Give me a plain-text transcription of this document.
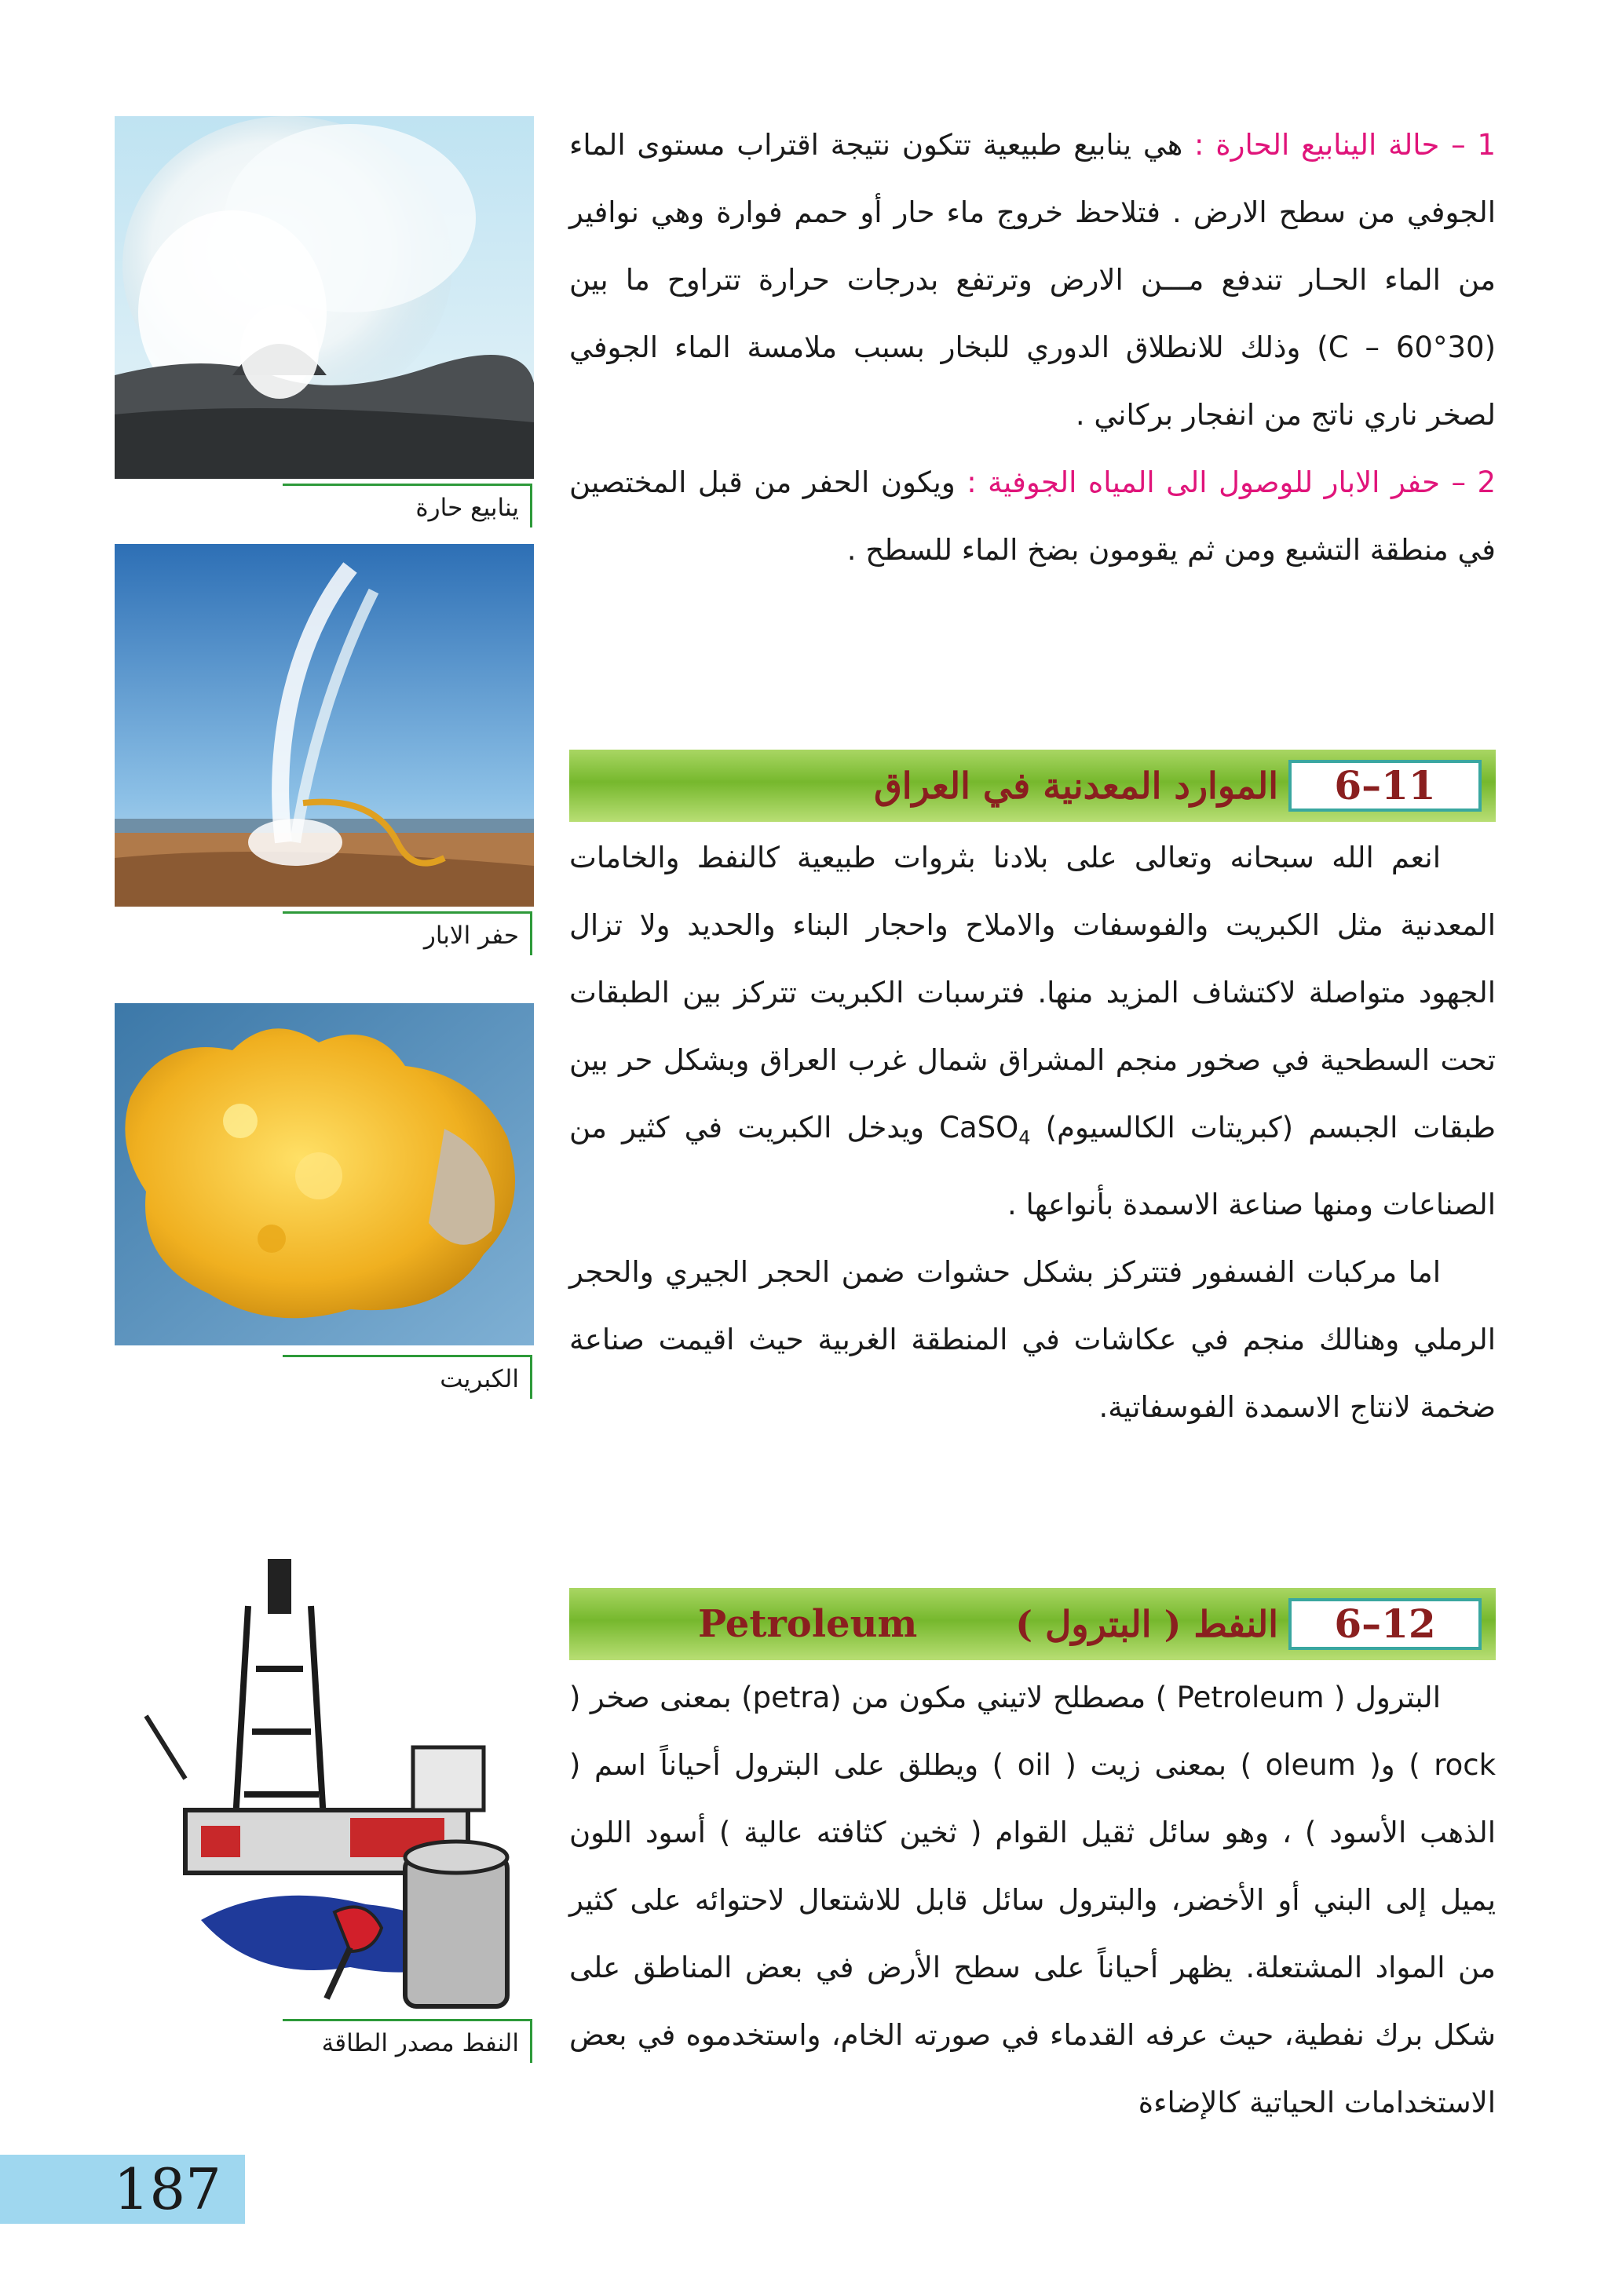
ينابيع حارة
حفر الابار
الكبريت
النفط مصدر الطاقة

1 – حالة الينابيع الحارة : هي ينابيع طبيعية تتكون نتيجة اقتراب مستوى الماء الجوفي من سطح الارض . فتلاحظ خروج ماء حار أو حمم فوارة وهي نوافير من الماء الحـار تندفع مـــن الارض وترتفع بدرجات حرارة تتراوح ما بين (30°C – 60) وذلك للانطلاق الدوري للبخار بسبب ملامسة الماء الجوفي لصخر ناري ناتج من انفجار بركاني .

2 – حفر الابار للوصول الى المياه الجوفية : ويكون الحفر من قبل المختصين في منطقة التشبع ومن ثم يقومون بضخ الماء للسطح .

6–11
الموارد المعدنية في العراق

انعم الله سبحانه وتعالى على بلادنا بثروات طبيعية كالنفط والخامات المعدنية مثل الكبريت والفوسفات والاملاح واحجار البناء والحديد ولا تزال الجهود متواصلة لاكتشاف المزيد منها. فترسبات الكبريت تتركز بين الطبقات تحت السطحية في صخور منجم المشراق شمال غرب العراق وبشكل حر بين طبقات الجبسم (كبريتات الكالسيوم) CaSO$_4$ ويدخل الكبريت في كثير من الصناعات ومنها صناعة الاسمدة بأنواعها .

اما مركبات الفسفور فتتركز بشكل حشوات ضمن الحجر الجيري والحجر الرملي وهنالك منجم في عكاشات في المنطقة الغربية حيث اقيمت صناعة ضخمة لانتاج الاسمدة الفوسفاتية.

6–12
النفط ( البترول )
Petroleum

البترول ( Petroleum ) مصطلح لاتيني مكون من (petra) بمعنى صخر ( rock ) و( oleum ) بمعنى زيت ( oil ) ويطلق على البترول أحياناً اسم ( الذهب الأسود ) ، وهو سائل ثقيل القوام ( ثخين كثافته عالية ) أسود اللون يميل إلى البني أو الأخضر، والبترول سائل قابل للاشتعال لاحتوائه على كثير من المواد المشتعلة. يظهر أحياناً على سطح الأرض في بعض المناطق على شكل برك نفطية، حيث عرفه القدماء في صورته الخام، واستخدموه في بعض الاستخدامات الحياتية كالإضاءة

187
